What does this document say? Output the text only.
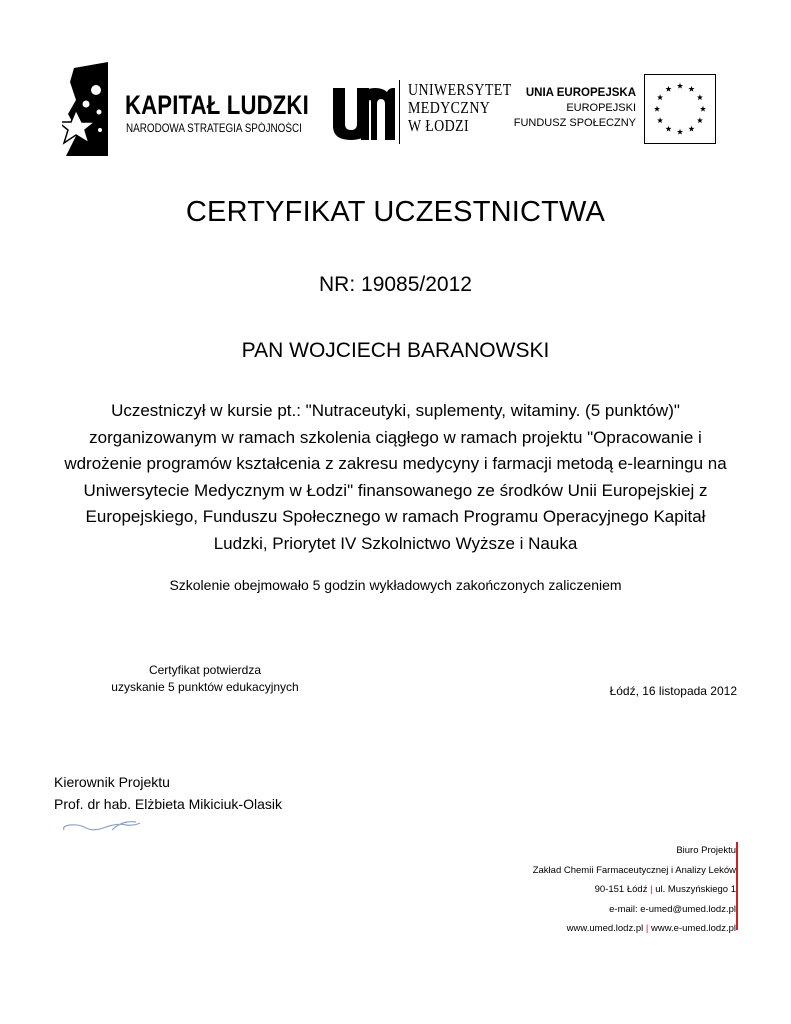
KAPITAŁ LUDZKI
NARODOWA STRATEGIA SPÓJNOŚCI
UNIWERSYTET
MEDYCZNY
W ŁODZI
UNIA EUROPEJSKA
EUROPEJSKI
FUNDUSZ SPOŁECZNY
CERTYFIKAT UCZESTNICTWA
NR: 19085/2012
PAN WOJCIECH BARANOWSKI
Uczestniczył w kursie pt.: "Nutraceutyki, suplementy, witaminy. (5 punktów)"
zorganizowanym w ramach szkolenia ciągłego w ramach projektu "Opracowanie i
wdrożenie programów kształcenia z zakresu medycyny i farmacji metodą e-learningu na
Uniwersytecie Medycznym w Łodzi" finansowanego ze środków Unii Europejskiej z
Europejskiego, Funduszu Społecznego w ramach Programu Operacyjnego Kapitał
Ludzki, Priorytet IV Szkolnictwo Wyższe i Nauka
Szkolenie obejmowało 5 godzin wykładowych zakończonych zaliczeniem
Certyfikat potwierdza
uzyskanie 5 punktów edukacyjnych	Łódź, 16 listopada 2012
Kierownik Projektu
Prof. dr hab. Elżbieta Mikiciuk-Olasik
Biuro Projektu
Zakład Chemii Farmaceutycznej i Analizy Leków
90-151 Łódź | ul. Muszyńskiego 1
e-mail: e-umed@umed.lodz.pl
www.umed.lodz.pl | www.e-umed.lodz.pl
